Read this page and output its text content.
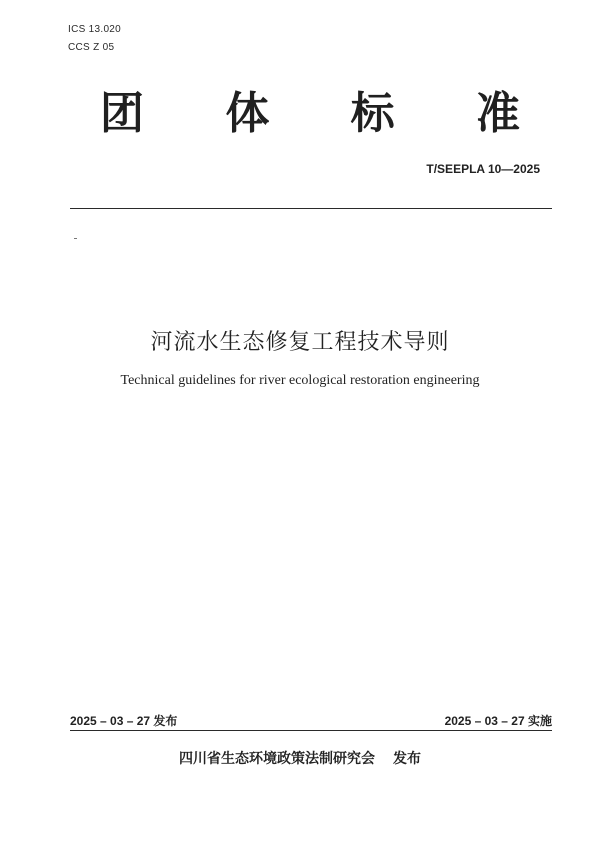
ICS 13.020
CCS Z 05
团 体 标 准
T/SEEPLA 10—2025
河流水生态修复工程技术导则
Technical guidelines for river ecological restoration engineering
2025 – 03 – 27 发布	2025 – 03 – 27 实施
四川省生态环境政策法制研究会 发布
